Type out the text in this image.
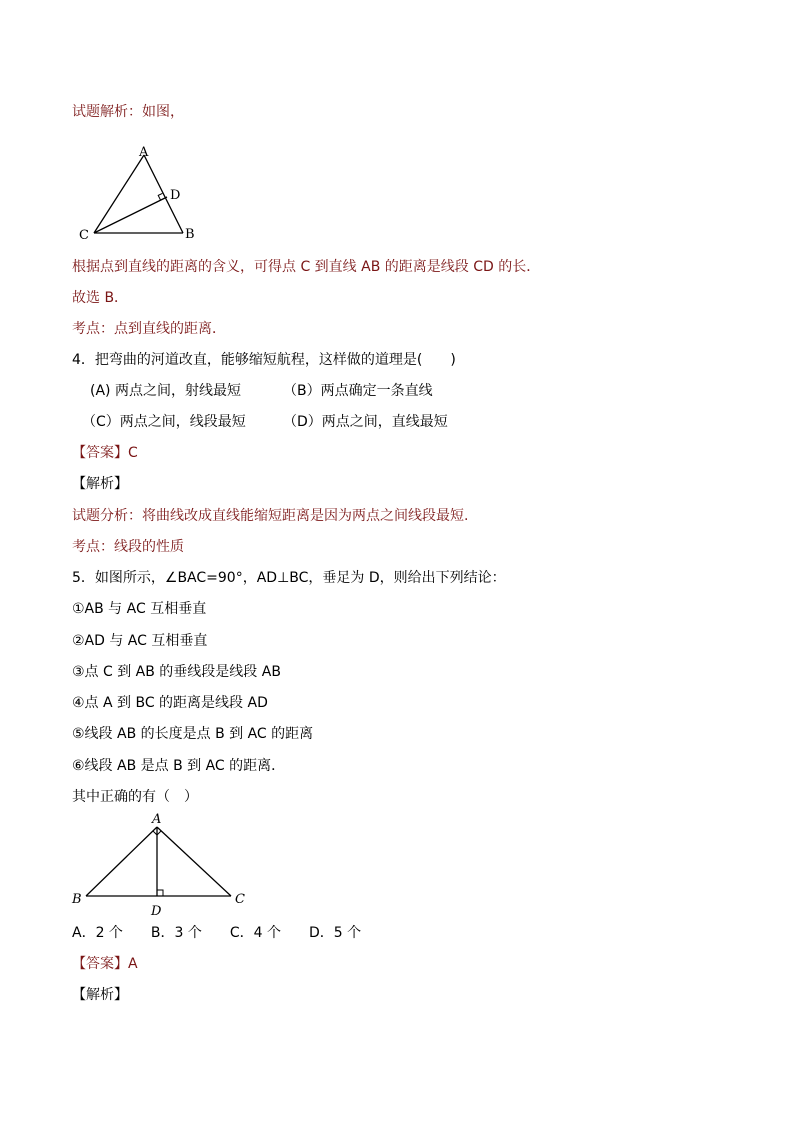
试题解析：如图，
A
D
C	B
根据点到直线的距离的含义，可得点 C 到直线 AB 的距离是线段 CD 的长．
故选 B．
考点：点到直线的距离．
4．把弯曲的河道改直，能够缩短航程，这样做的道理是(　　)
(A) 两点之间，射线最短	（B）两点确定一条直线
（C）两点之间，线段最短	（D）两点之间，直线最短
【答案】C
【解析】
试题分析：将曲线改成直线能缩短距离是因为两点之间线段最短.
考点：线段的性质
5．如图所示，∠BAC=90°，AD⊥BC，垂足为 D，则给出下列结论：
①AB 与 AC 互相垂直
②AD 与 AC 互相垂直
③点 C 到 AB 的垂线段是线段 AB
④点 A 到 BC 的距离是线段 AD
⑤线段 AB 的长度是点 B 到 AC 的距离
⑥线段 AB 是点 B 到 AC 的距离．
其中正确的有（　）
A
B	C
D
A．2 个　　B．3 个　　C．4 个　　D．5 个
【答案】A
【解析】
